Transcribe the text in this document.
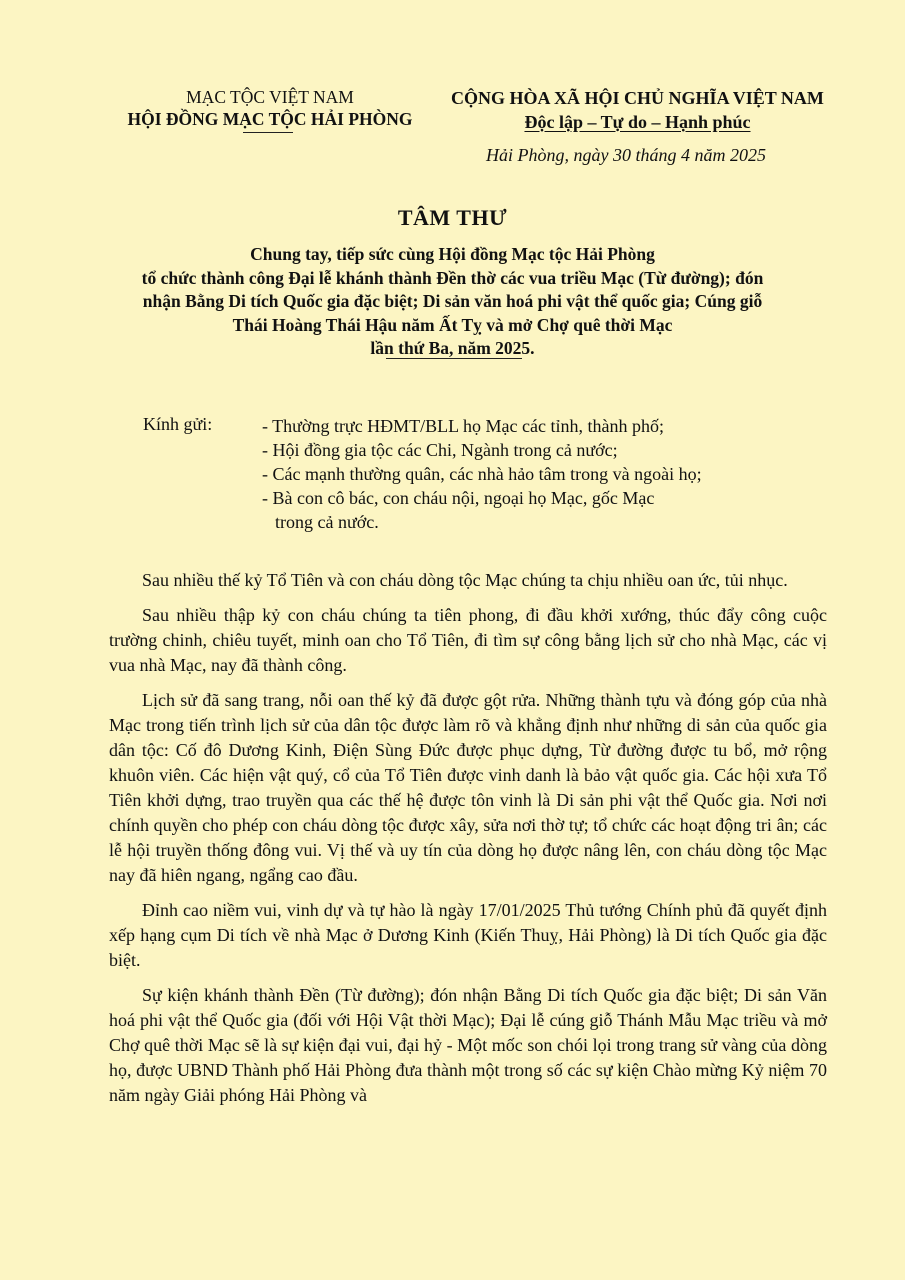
MẠC TỘC VIỆT NAM
HỘI ĐỒNG MẠC TỘC HẢI PHÒNG
CỘNG HÒA XÃ HỘI CHỦ NGHĨA VIỆT NAM
Độc lập – Tự do – Hạnh phúc
Hải Phòng, ngày 30 tháng 4 năm 2025
TÂM THƯ
Chung tay, tiếp sức cùng Hội đồng Mạc tộc Hải Phòng
tổ chức thành công Đại lễ khánh thành Đền thờ các vua triều Mạc (Từ đường); đón
nhận Bằng Di tích Quốc gia đặc biệt; Di sản văn hoá phi vật thể quốc gia; Cúng giỗ
Thái Hoàng Thái Hậu năm Ất Tỵ và mở Chợ quê thời Mạc
lần thứ Ba, năm 2025.
Kính gửi:	- Thường trực HĐMT/BLL họ Mạc các tỉnh, thành phố;
- Hội đồng gia tộc các Chi, Ngành trong cả nước;
- Các mạnh thường quân, các nhà hảo tâm trong và ngoài họ;
- Bà con cô bác, con cháu nội, ngoại họ Mạc, gốc Mạc
trong cả nước.

Sau nhiều thế kỷ Tổ Tiên và con cháu dòng tộc Mạc chúng ta chịu nhiều oan ức, tủi nhục.

Sau nhiều thập kỷ con cháu chúng ta tiên phong, đi đầu khởi xướng, thúc đẩy công cuộc trường chinh, chiêu tuyết, minh oan cho Tổ Tiên, đi tìm sự công bằng lịch sử cho nhà Mạc, các vị vua nhà Mạc, nay đã thành công.

Lịch sử đã sang trang, nỗi oan thế kỷ đã được gột rửa. Những thành tựu và đóng góp của nhà Mạc trong tiến trình lịch sử của dân tộc được làm rõ và khẳng định như những di sản của quốc gia dân tộc: Cố đô Dương Kinh, Điện Sùng Đức được phục dựng, Từ đường được tu bổ, mở rộng khuôn viên. Các hiện vật quý, cổ của Tổ Tiên được vinh danh là bảo vật quốc gia. Các hội xưa Tổ Tiên khởi dựng, trao truyền qua các thế hệ được tôn vinh là Di sản phi vật thể Quốc gia. Nơi nơi chính quyền cho phép con cháu dòng tộc được xây, sửa nơi thờ tự; tổ chức các hoạt động tri ân; các lễ hội truyền thống đông vui. Vị thế và uy tín của dòng họ được nâng lên, con cháu dòng tộc Mạc nay đã hiên ngang, ngẩng cao đầu.

Đỉnh cao niềm vui, vinh dự và tự hào là ngày 17/01/2025 Thủ tướng Chính phủ đã quyết định xếp hạng cụm Di tích về nhà Mạc ở Dương Kinh (Kiến Thuỵ, Hải Phòng) là Di tích Quốc gia đặc biệt.

Sự kiện khánh thành Đền (Từ đường); đón nhận Bằng Di tích Quốc gia đặc biệt; Di sản Văn hoá phi vật thể Quốc gia (đối với Hội Vật thời Mạc); Đại lễ cúng giỗ Thánh Mẫu Mạc triều và mở Chợ quê thời Mạc sẽ là sự kiện đại vui, đại hỷ - Một mốc son chói lọi trong trang sử vàng của dòng họ, được UBND Thành phố Hải Phòng đưa thành một trong số các sự kiện Chào mừng Kỷ niệm 70 năm ngày Giải phóng Hải Phòng và
